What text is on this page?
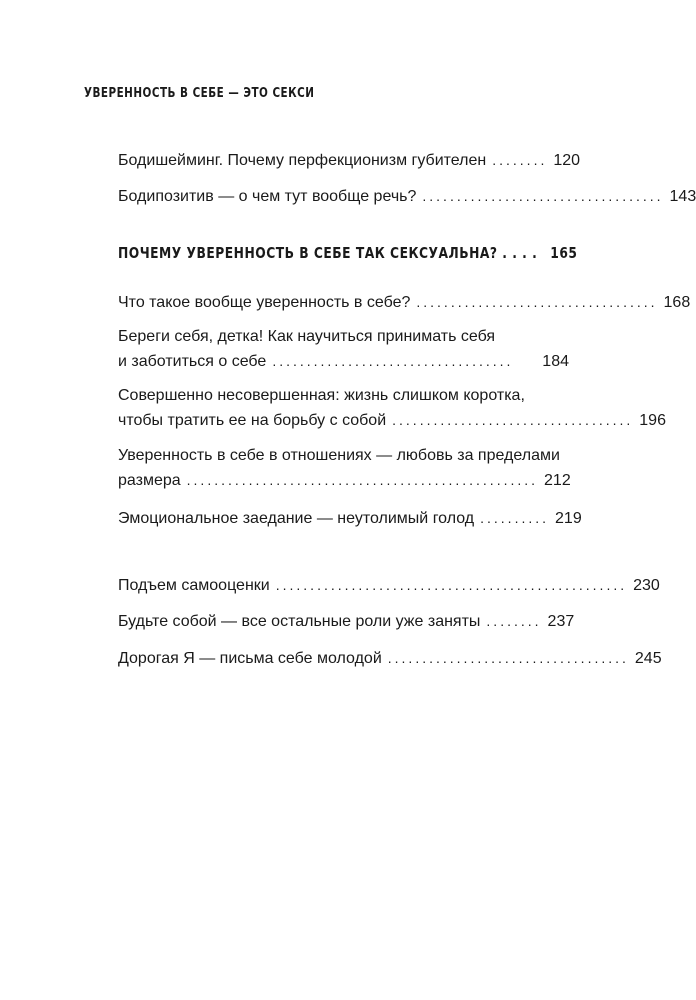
УВЕРЕННОСТЬ В СЕБЕ — ЭТО СЕКСИ
Бодишейминг. Почему перфекционизм губителен ........ 120
Бодипозитив — о чем тут вообще речь? ................................... 143
ПОЧЕМУ УВЕРЕННОСТЬ В СЕБЕ ТАК СЕКСУАЛЬНА? . . . . 165
Что такое вообще уверенность в себе? ................................... 168
Береги себя, детка! Как научиться принимать себя
и заботиться о себе ...................................	184
Совершенно несовершенная: жизнь слишком коротка,
чтобы тратить ее на борьбу с собой ................................... 196
Уверенность в себе в отношениях — любовь за пределами
размера ................................................... 212
Эмоциональное заедание — неутолимый голод .......... 219
Подъем самооценки ................................................... 230
Будьте собой — все остальные роли уже заняты ........ 237
Дорогая Я — письма себе молодой ................................... 245
